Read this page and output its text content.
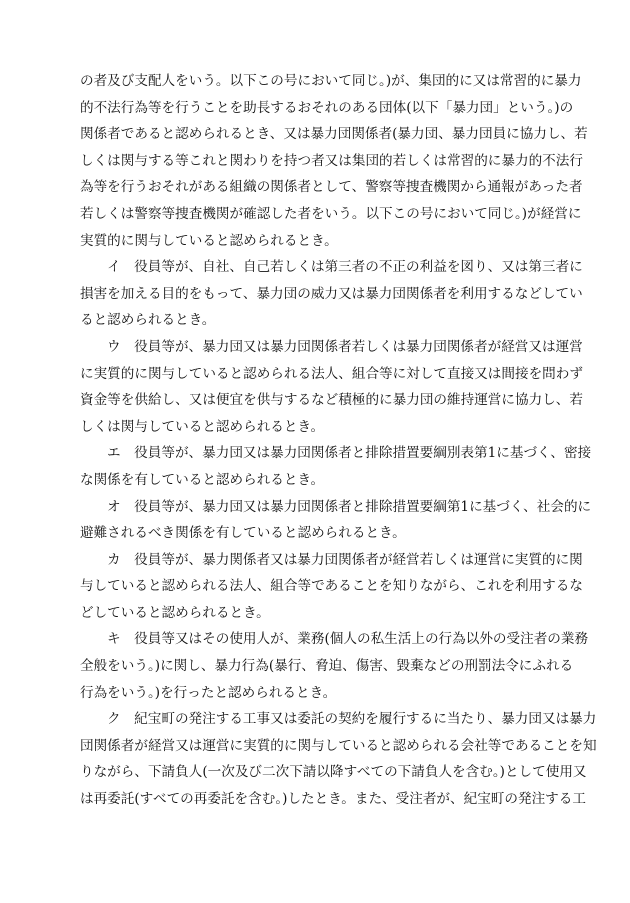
の者及び支配人をいう。以下この号において同じ。)が、集団的に又は常習的に暴力
的不法行為等を行うことを助長するおそれのある団体(以下「暴力団」という。)の
関係者であると認められるとき、又は暴力団関係者(暴力団、暴力団員に協力し、若
しくは関与する等これと関わりを持つ者又は集団的若しくは常習的に暴力的不法行
為等を行うおそれがある組織の関係者として、警察等捜査機関から通報があった者
若しくは警察等捜査機関が確認した者をいう。以下この号において同じ。)が経営に
実質的に関与していると認められるとき。
イ　役員等が、自社、自己若しくは第三者の不正の利益を図り、又は第三者に
損害を加える目的をもって、暴力団の威力又は暴力団関係者を利用するなどしてい
ると認められるとき。
ウ　役員等が、暴力団又は暴力団関係者若しくは暴力団関係者が経営又は運営
に実質的に関与していると認められる法人、組合等に対して直接又は間接を問わず
資金等を供給し、又は便宜を供与するなど積極的に暴力団の維持運営に協力し、若
しくは関与していると認められるとき。
エ　役員等が、暴力団又は暴力団関係者と排除措置要綱別表第1に基づく、密接
な関係を有していると認められるとき。
オ　役員等が、暴力団又は暴力団関係者と排除措置要綱第1に基づく、社会的に
避難されるべき関係を有していると認められるとき。
カ　役員等が、暴力関係者又は暴力団関係者が経営若しくは運営に実質的に関
与していると認められる法人、組合等であることを知りながら、これを利用するな
どしていると認められるとき。
キ　役員等又はその使用人が、業務(個人の私生活上の行為以外の受注者の業務
全般をいう。)に関し、暴力行為(暴行、脅迫、傷害、毀棄などの刑罰法令にふれる
行為をいう。)を行ったと認められるとき。
ク　紀宝町の発注する工事又は委託の契約を履行するに当たり、暴力団又は暴力
団関係者が経営又は運営に実質的に関与していると認められる会社等であることを知
りながら、下請負人(一次及び二次下請以降すべての下請負人を含む。)として使用又
は再委託(すべての再委託を含む。)したとき。また、受注者が、紀宝町の発注する工
